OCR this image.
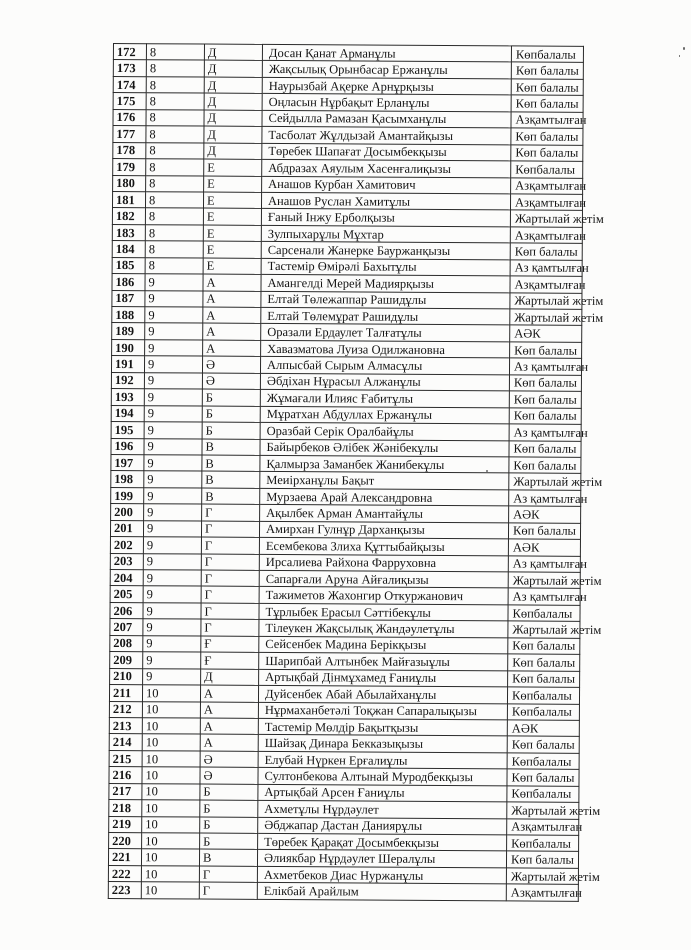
172	8	Д	Досан Қанат Арманұлы	Көпбалалы
173	8	Д	Жақсылық Орынбасар Ержанұлы	Көп балалы
174	8	Д	Наурызбай Ақерке Арнұрқызы	Көп балалы
175	8	Д	Оңласын Нұрбақыт Ерланұлы	Көп балалы
176	8	Д	Сейдылла Рамазан Қасымханұлы	Азқамтылған
177	8	Д	Тасболат Жұлдызай Амантайқызы	Көп балалы
178	8	Д	Төребек Шапағат Досымбекқызы	Көп балалы
179	8	Е	Абдразах Аяулым Хасенғалиқызы	Көпбалалы
180	8	Е	Анашов Курбан Хамитович	Азқамтылған
181	8	Е	Анашов Руслан Хамитұлы	Азқамтылған
182	8	Е	Ғаный Інжу Ерболқызы	Жартылай жетім
183	8	Е	Зулпыхарұлы Мұхтар	Азқамтылған
184	8	Е	Сарсенали Жанерке Бауржанқызы	Көп балалы
185	8	Е	Тастемір Өмірәлі Бахытұлы	Аз қамтылған
186	9	А	Амангелді Мерей Мадиярқызы	Азқамтылған
187	9	А	Елтай Төлежаппар Рашидұлы	Жартылай жетім
188	9	А	Елтай Төлемұрат Рашидұлы	Жартылай жетім
189	9	А	Оразали Ердаулет Талғатұлы	АӘК
190	9	А	Хавазматова Луиза Одилжановна	Көп балалы
191	9	Ә	Алпысбай Сырым Алмасұлы	Аз қамтылған
192	9	Ә	Әбдіхан Нұрасыл Алжанұлы	Көп балалы
193	9	Б	Жұмағали Илияс Ғабитұлы	Көп балалы
194	9	Б	Мұратхан Абдуллах Ержанұлы	Көп балалы
195	9	Б	Оразбай Серік Оралбайұлы	Аз қамтылған
196	9	В	Байырбеков Әлібек Жәнібекұлы	Көп балалы
197	9	В	Қалмырза Заманбек Жанибекұлы	Көп балалы
198	9	В	Меиірханұлы Бақыт	Жартылай жетім
199	9	В	Мурзаева Арай Александровна	Аз қамтылған
200	9	Г	Ақылбек Арман Амантайұлы	АӘК
201	9	Г	Амирхан Гулнұр Дарханқызы	Көп балалы
202	9	Г	Есембекова Злиха Құттыбайқызы	АӘК
203	9	Г	Ирсалиева Райхона Фарруховна	Аз қамтылған
204	9	Г	Сапарғали Аруна Айғалиқызы	Жартылай жетім
205	9	Г	Тажиметов Жахонгир Откуржанович	Аз қамтылған
206	9	Г	Тұрлыбек Ерасыл Сәттібекұлы	Көпбалалы
207	9	Г	Тілеукен Жақсылық Жандәулетұлы	Жартылай жетім
208	9	Ғ	Сейсенбек Мадина Берікқызы	Көп балалы
209	9	Ғ	Шарипбай Алтынбек Майғазыұлы	Көп балалы
210	9	Д	Артықбай Дінмұхамед Ғаниұлы	Көп балалы
211	10	А	Дуйсенбек Абай Абылайханұлы	Көпбалалы
212	10	А	Нұрмаханбетәлі Тоқжан Сапаралықызы	Көпбалалы
213	10	А	Тастемір Мөлдір Бақытқызы	АӘК
214	10	А	Шайзақ Динара Бекказықызы	Көп балалы
215	10	Ә	Елубай Нүркен Ерғалиұлы	Көпбалалы
216	10	Ә	Султонбекова Алтынай Муродбекқызы	Көп балалы
217	10	Б	Артықбай Арсен Ғаниұлы	Көпбалалы
218	10	Б	Ахметұлы Нұрдәулет	Жартылай жетім
219	10	Б	Әбджапар Дастан Даниярұлы	Азқамтылған
220	10	Б	Төребек Қарақат Досымбекқызы	Көпбалалы
221	10	В	Әлиякбар Нұрдәулет Шералұлы	Көп балалы
222	10	Г	Ахметбеков Диас Нуржанұлы	Жартылай жетім
223	10	Г	Елікбай Арайлым	Азқамтылған
